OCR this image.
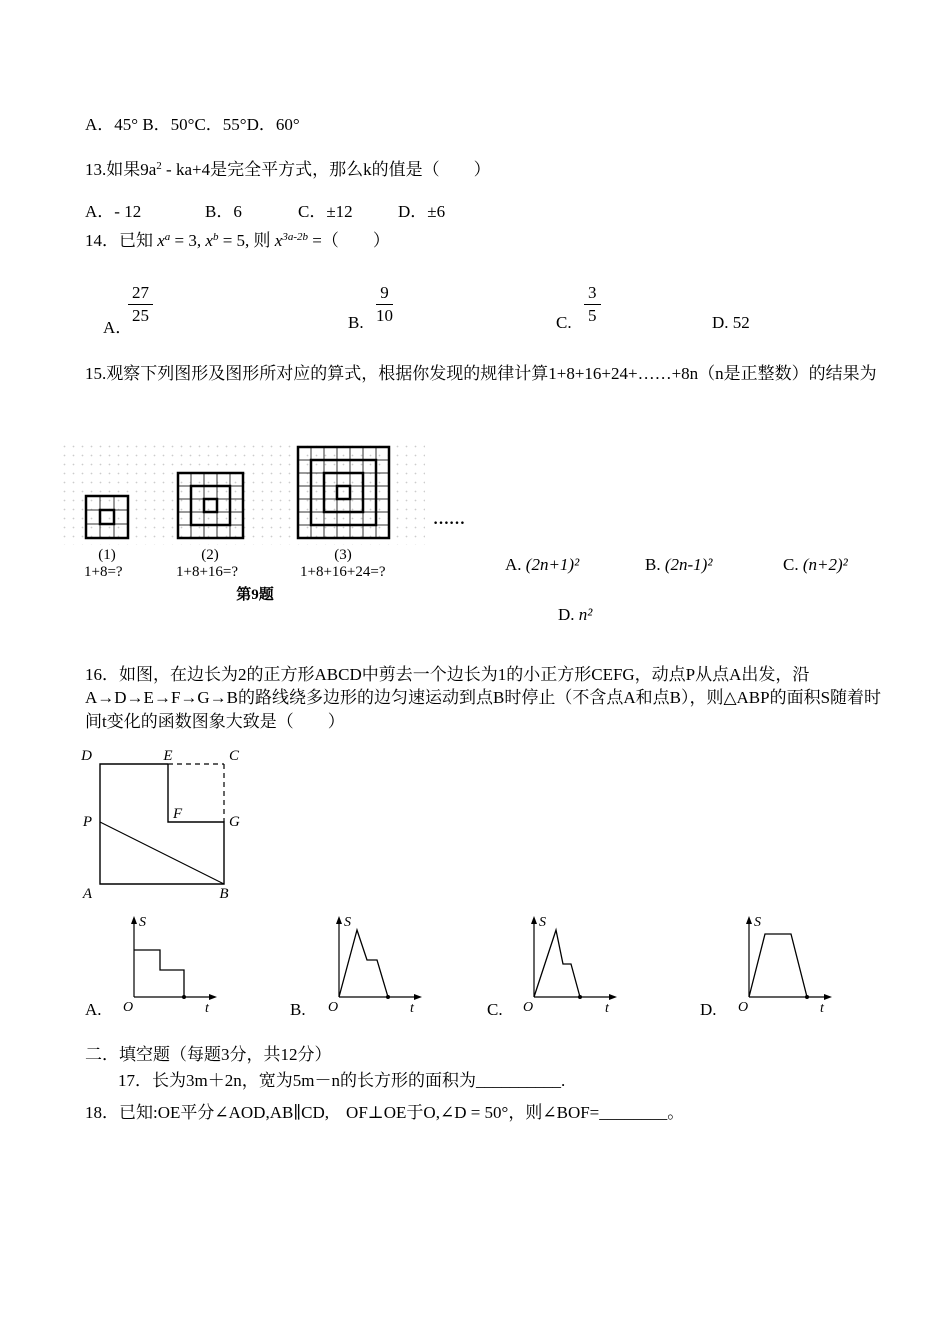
A．45° B．50°C．55°D．60°
13.如果$9a^2 - ka+4$是完全平方式，那么k的值是（　　）
A．- 12	B．6	C．±12	D．±6
14．已知 $x^a = 3$, $x^b = 5$, 则 $x^{3a-2b}$ =（　　）
A．
$\frac{27}{25}$	B. $\frac{9}{10}$	C. $\frac{3}{5}$	D. 52
15.观察下列图形及图形所对应的算式，根据你发现的规律计算1+8+16+24+……+8n（n是正整数）的结果为
(1)	(2)	(3)
1+8=?	1+8+16=?	1+8+16+24=?
……
第9题
A. (2n+1)²	B. (2n-1)²	C. (n+2)²
D. n²
16．如图，在边长为2的正方形ABCD中剪去一个边长为1的小正方形CEFG，动点P从点A出发，沿A→D→E→F→G→B的路线绕多边形的边匀速运动到点B时停止（不含点A和点B），则△ABP的面积S随着时间t变化的函数图象大致是（　　）
D	E	C
P	F	G
A	B
S
O	t
S
O	t
S
O	t
S
O	t
A.	B.	C.	D.
二．填空题（每题3分，共12分）
17．长为3m＋2n，宽为5m－n的长方形的面积为__________.
18．已知:OE平分∠AOD,AB∥CD,　OF⊥OE于O,∠D = 50°，则∠BOF=________。
